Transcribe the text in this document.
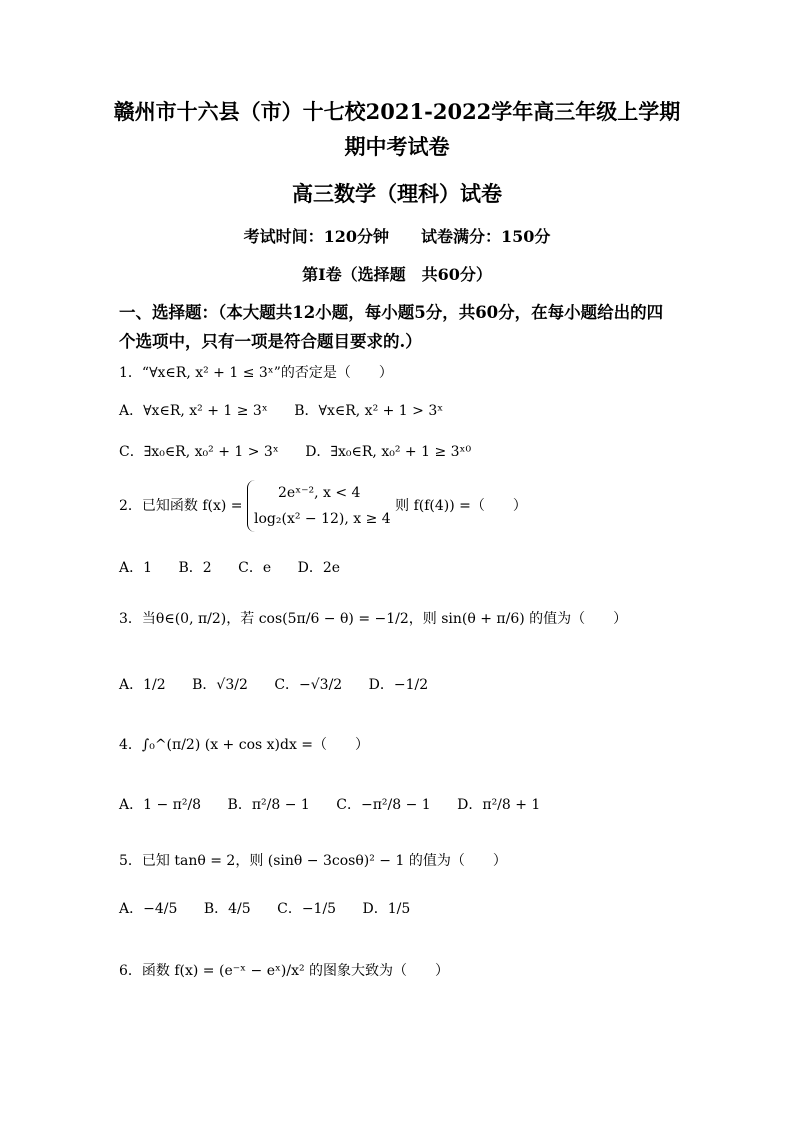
赣州市十六县（市）十七校2021-2022学年高三年级上学期
期中考试卷
高三数学（理科）试卷
考试时间：120分钟　　试卷满分：150分
第Ⅰ卷（选择题　共60分）
一、选择题：（本大题共12小题，每小题5分，共60分，在每小题给出的四个选项中，只有一项是符合题目要求的.）
1．“∀x∈R, x² + 1 ≤ 3ˣ”的否定是（　　）
A．∀x∈R, x² + 1 ≥ 3ˣ B．∀x∈R, x² + 1 > 3ˣ
C．∃x₀∈R, x₀² + 1 > 3ˣ D．∃x₀∈R, x₀² + 1 ≥ 3ˣ⁰
2．已知函数 f(x) =
2eˣ⁻², x < 4
log₂(x² − 12), x ≥ 4
则 f(f(4)) =（　　）
A．1 B．2 C．e D．2e
3．当θ∈(0, π/2)，若 cos(5π/6 − θ) = −1/2，则 sin(θ + π/6) 的值为（　　）
A．1/2 B．√3/2 C．−√3/2 D．−1/2
4．∫₀^(π/2) (x + cos x)dx =（　　）
A．1 − π²/8 B．π²/8 − 1 C．−π²/8 − 1 D．π²/8 + 1
5．已知 tanθ = 2，则 (sinθ − 3cosθ)² − 1 的值为（　　）
A．−4/5 B．4/5 C．−1/5 D．1/5
6．函数 f(x) = (e⁻ˣ − eˣ)/x² 的图象大致为（　　）
